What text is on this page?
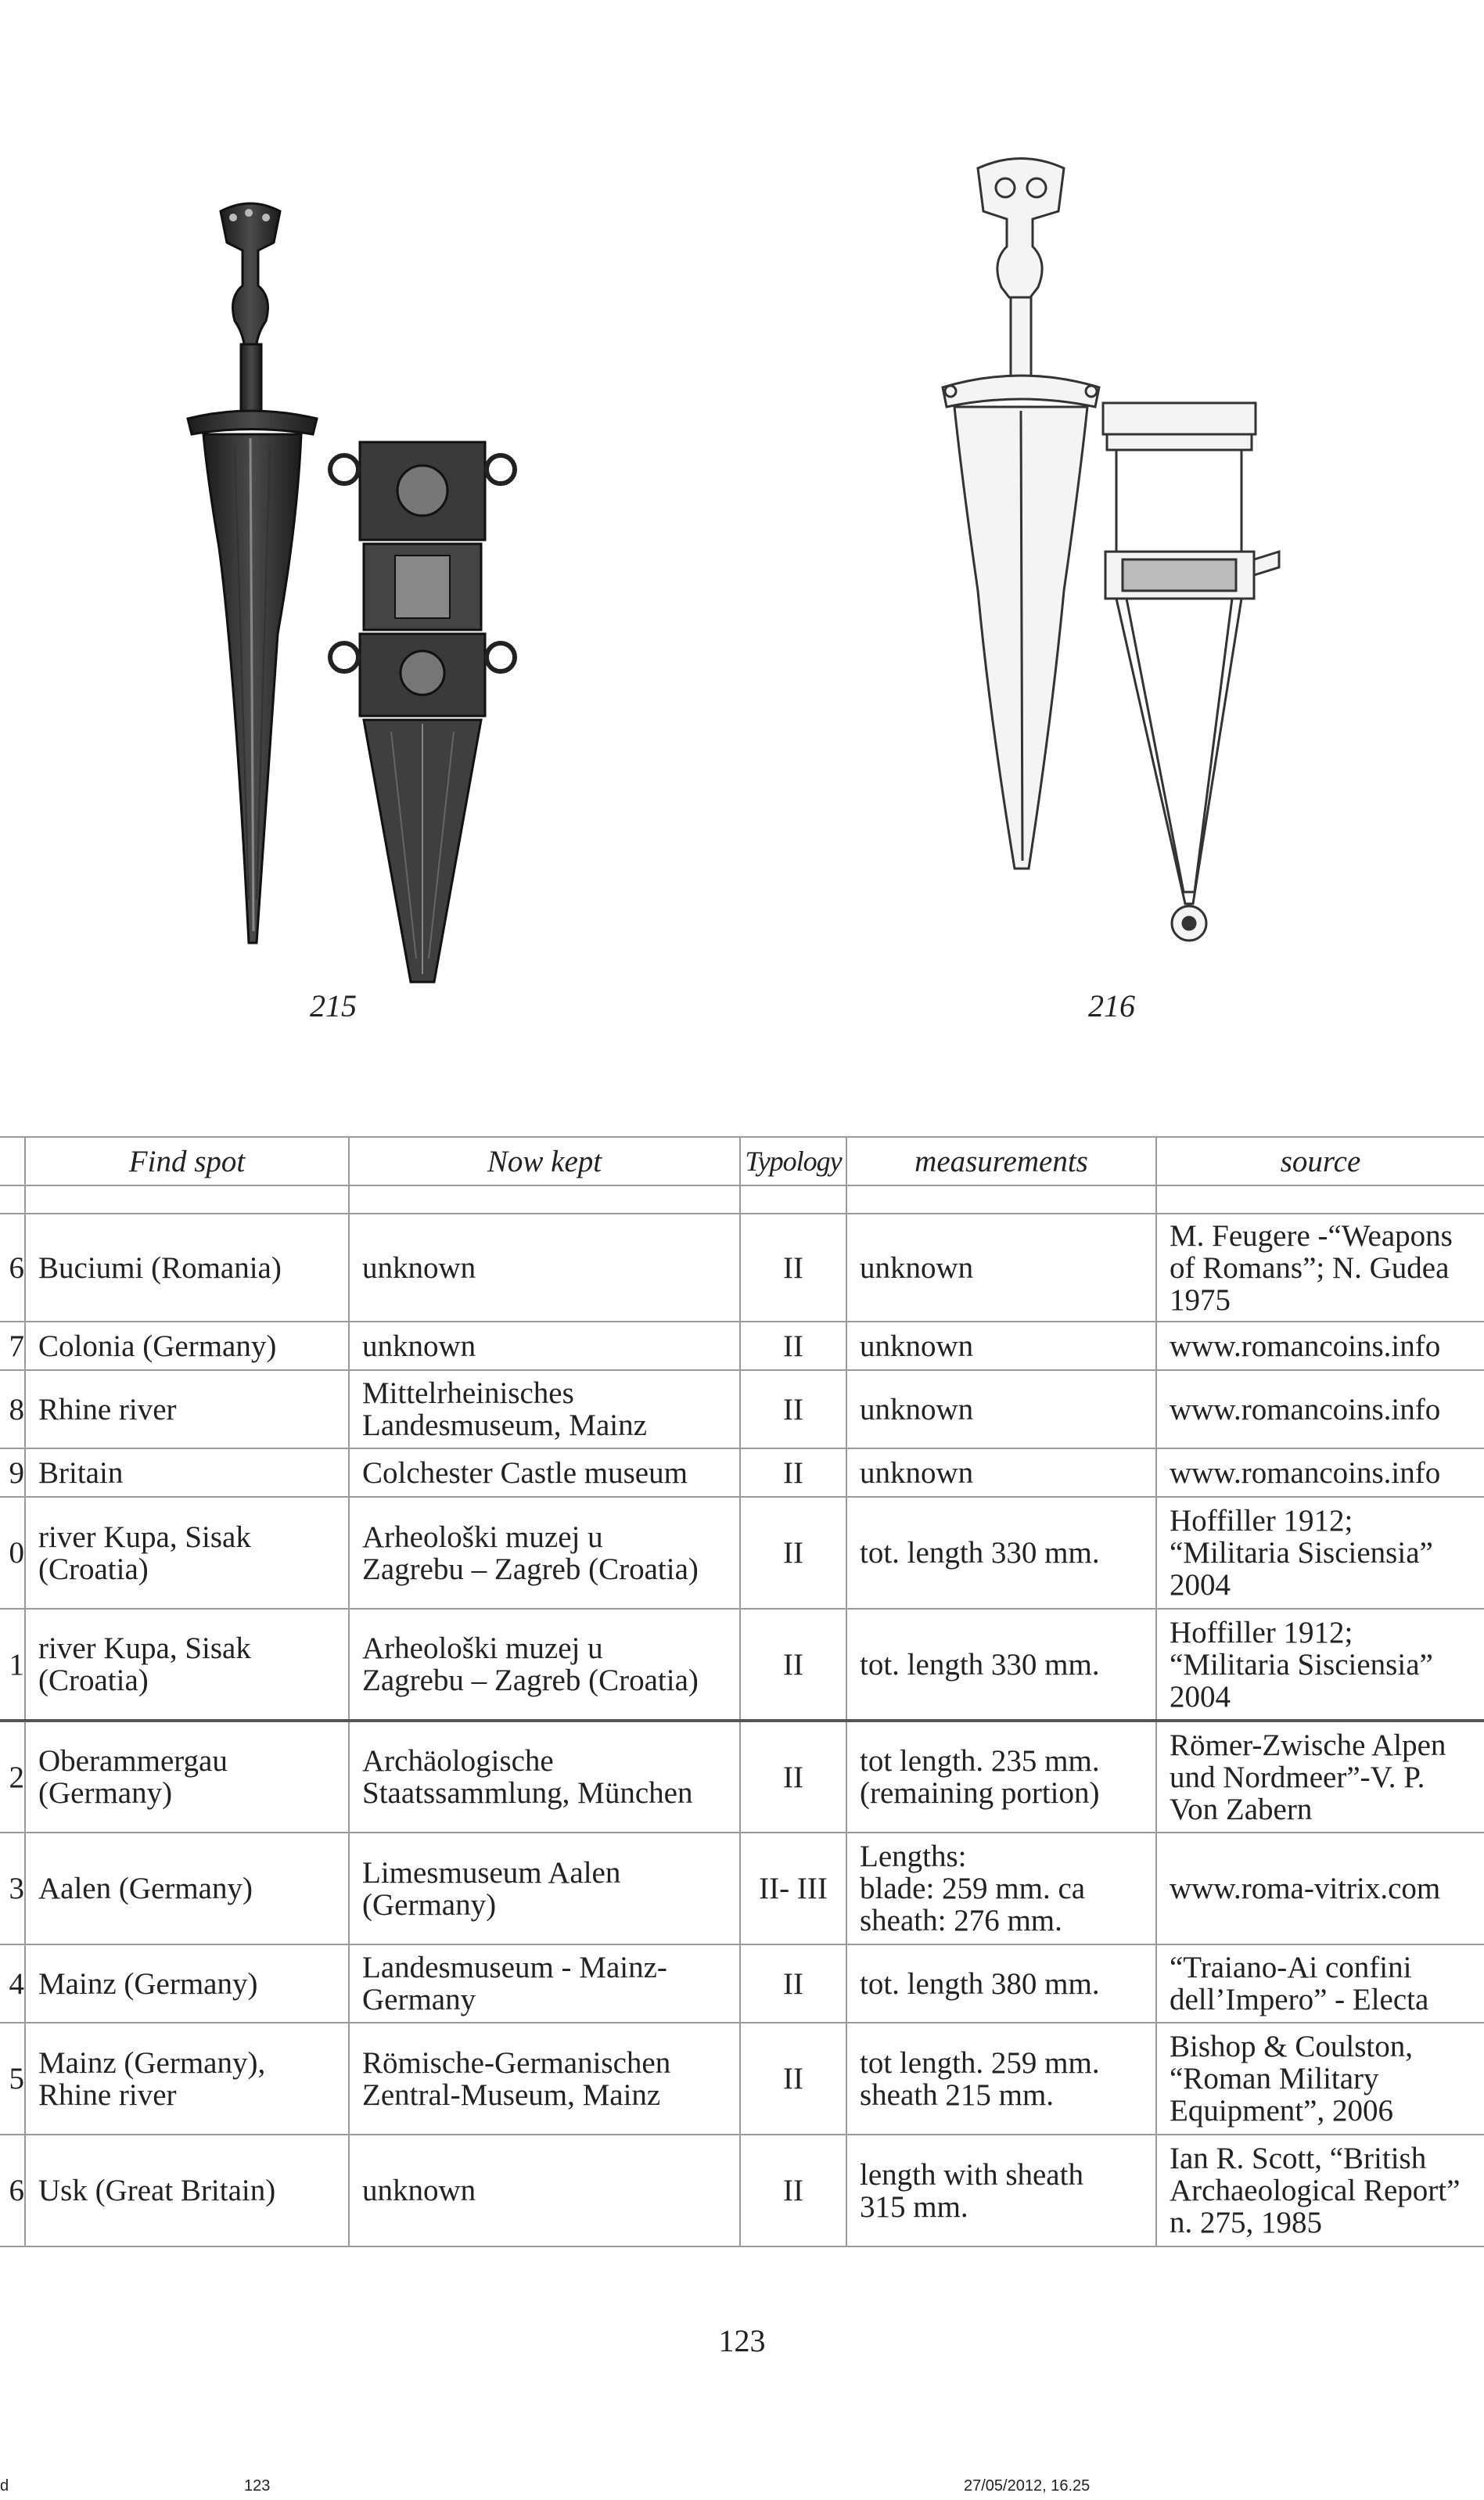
215	216
	Find spot	Now kept	Typology	measurements	source

6	Buciumi (Romania)	unknown	II	unknown	M. Feugere -“Weapons
of Romans”; N. Gudea
1975
7	Colonia (Germany)	unknown	II	unknown	www.romancoins.info
8	Rhine river	Mittelrheinisches
Landesmuseum, Mainz	II	unknown	www.romancoins.info
9	Britain	Colchester Castle museum	II	unknown	www.romancoins.info
0	river Kupa, Sisak
(Croatia)	Arheološki muzej u
Zagrebu – Zagreb (Croatia)	II	tot. length 330 mm.	Hoffiller 1912;
“Militaria Sisciensia”
2004
1	river Kupa, Sisak
(Croatia)	Arheološki muzej u
Zagrebu – Zagreb (Croatia)	II	tot. length 330 mm.	Hoffiller 1912;
“Militaria Sisciensia”
2004
2	Oberammergau
(Germany)	Archäologische
Staatssammlung, München	II	tot length. 235 mm.
(remaining portion)	Römer-Zwische Alpen
und Nordmeer”-V. P.
Von Zabern
3	Aalen (Germany)	Limesmuseum Aalen
(Germany)	II- III	Lengths:
blade: 259 mm. ca
sheath: 276 mm.	www.roma-vitrix.com
4	Mainz (Germany)	Landesmuseum - Mainz-
Germany	II	tot. length 380 mm.	“Traiano-Ai confini
dell’Impero” - Electa
5	Mainz (Germany),
Rhine river	Römische-Germanischen
Zentral-Museum, Mainz	II	tot length. 259 mm.
sheath 215 mm.	Bishop & Coulston,
“Roman Military
Equipment”, 2006
6	Usk (Great Britain)	unknown	II	length with sheath
315 mm.	Ian R. Scott, “British
Archaeological Report”
n. 275, 1985
123
d	123	27/05/2012, 16.25
